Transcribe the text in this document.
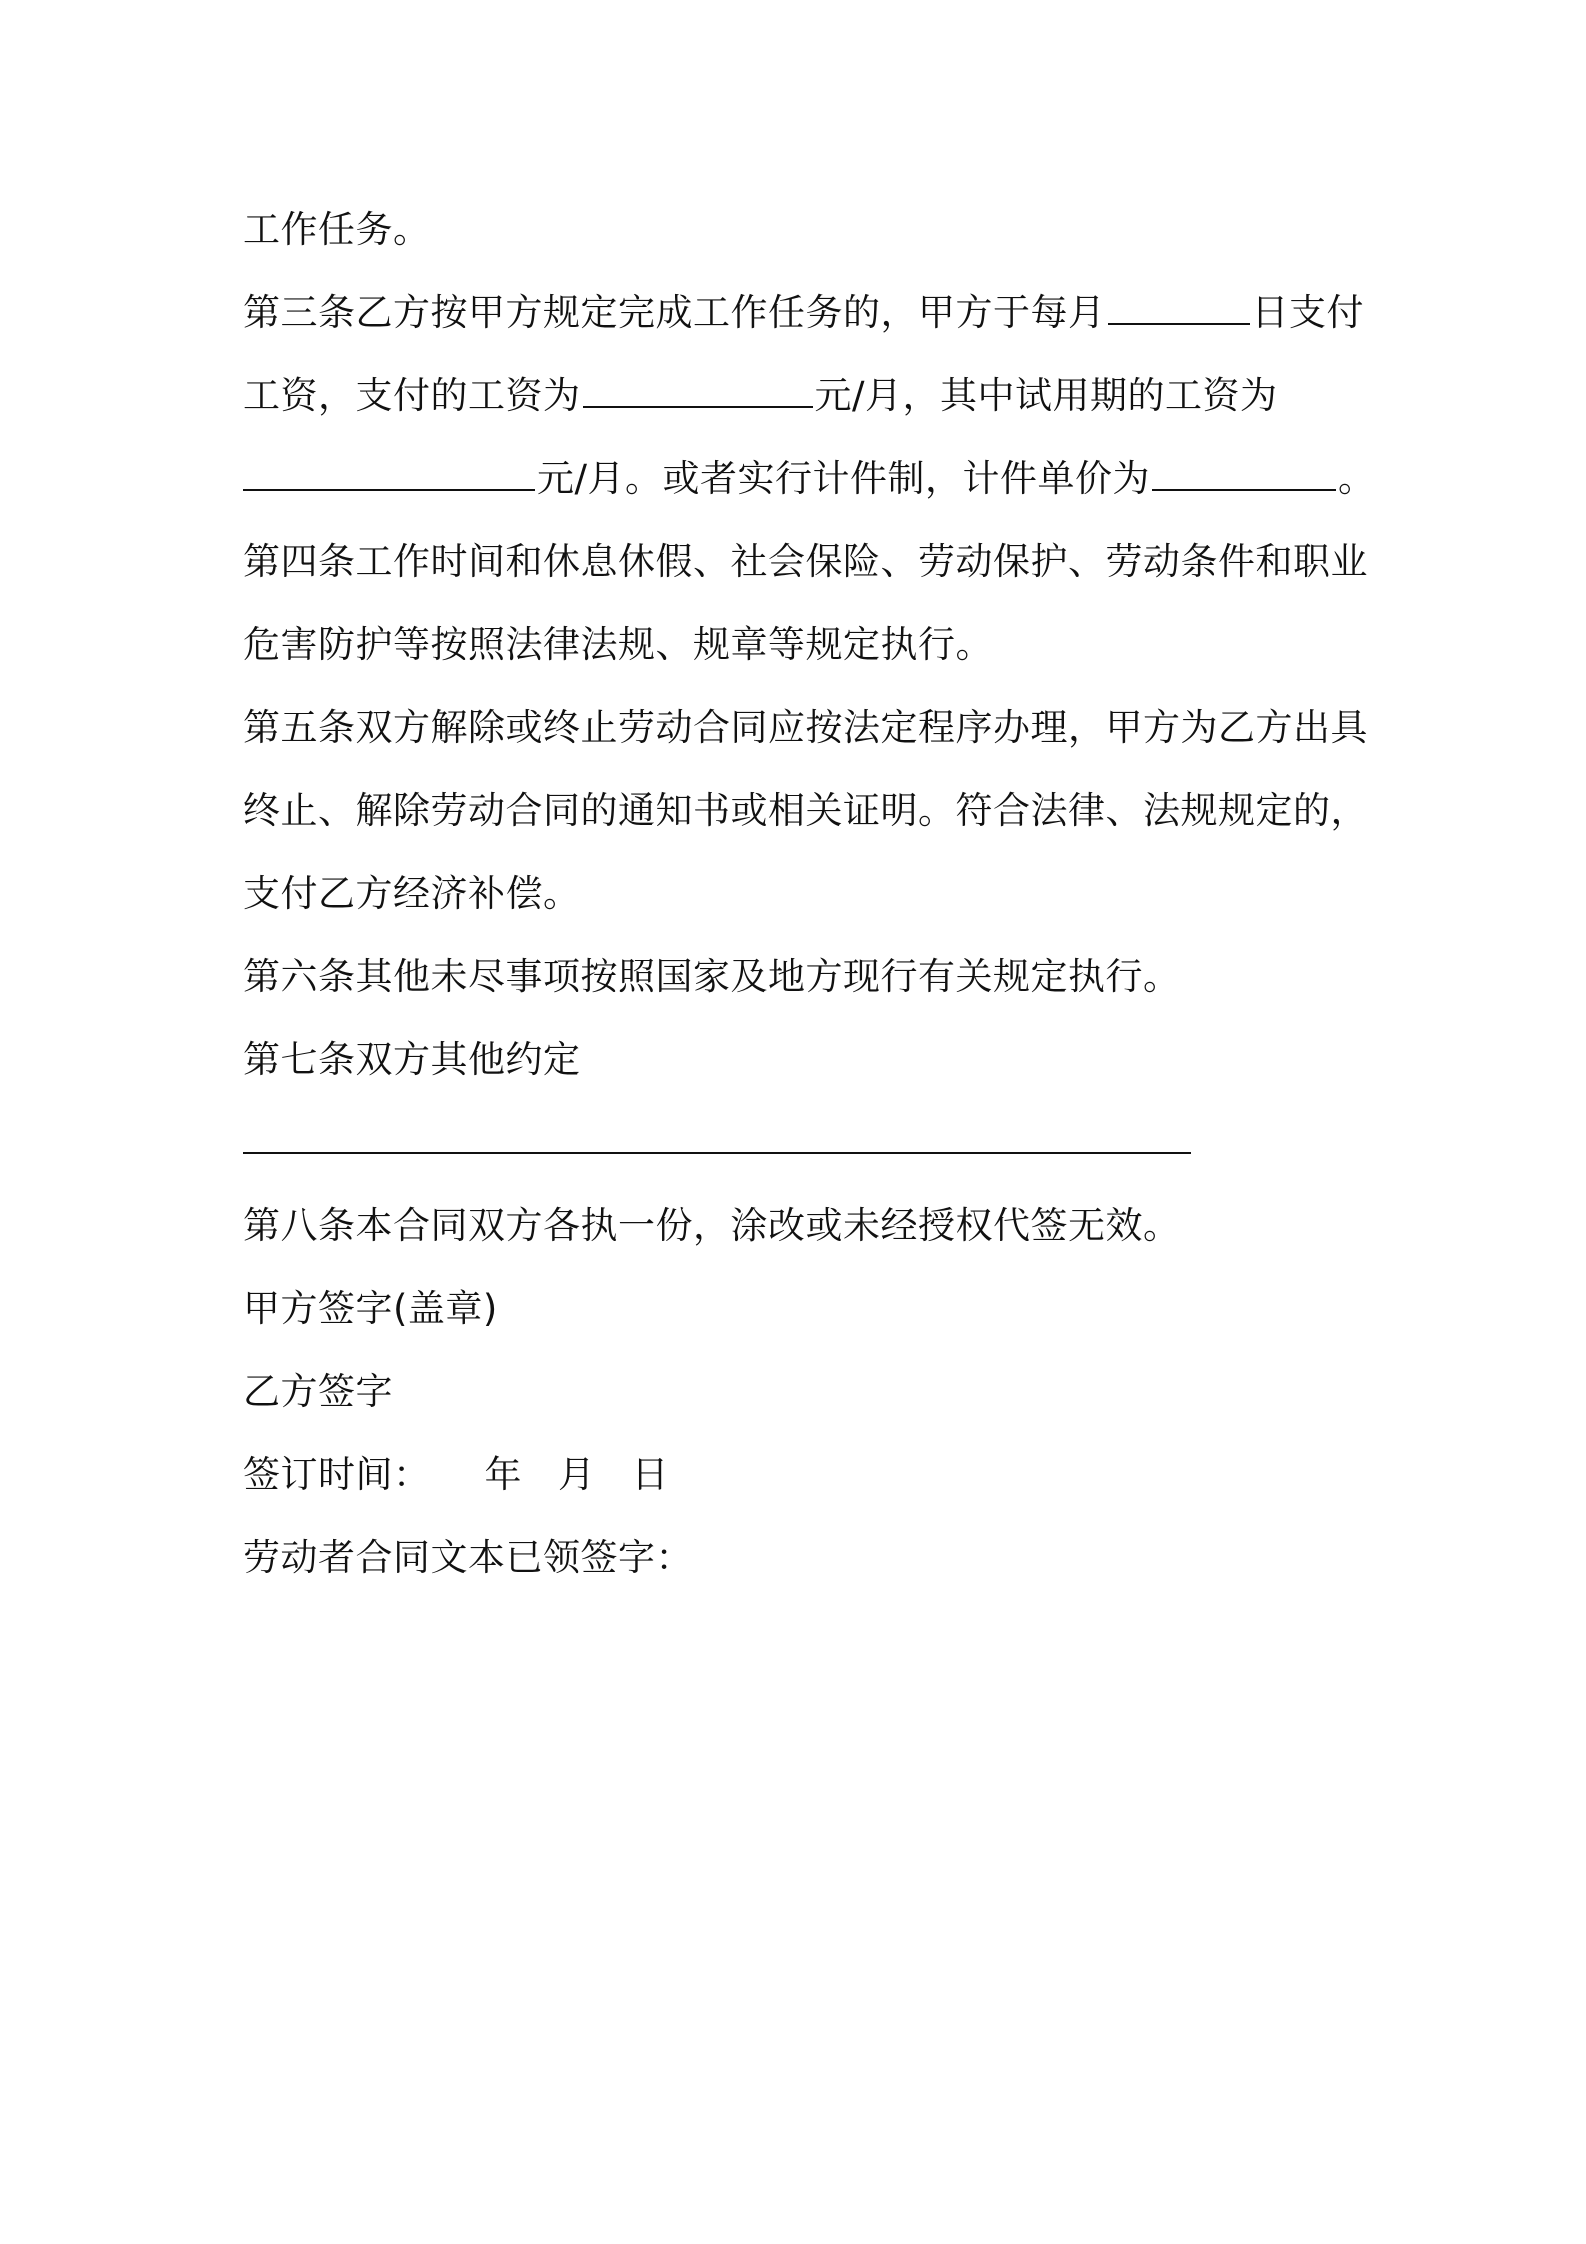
工作任务。
第三条乙方按甲方规定完成工作任务的，甲方于每月	日支付
工资，支付的工资为	元/月，其中试用期的工资为
元/月。或者实行计件制，计件单价为	。
第四条工作时间和休息休假、社会保险、劳动保护、劳动条件和职业
危害防护等按照法律法规、规章等规定执行。
第五条双方解除或终止劳动合同应按法定程序办理，甲方为乙方出具
终止、解除劳动合同的通知书或相关证明。符合法律、法规规定的，
支付乙方经济补偿。
第六条其他未尽事项按照国家及地方现行有关规定执行。
第七条双方其他约定
第八条本合同双方各执一份，涂改或未经授权代签无效。
甲方签字(盖章)
乙方签字
签订时间： 年 月 日
劳动者合同文本已领签字：
